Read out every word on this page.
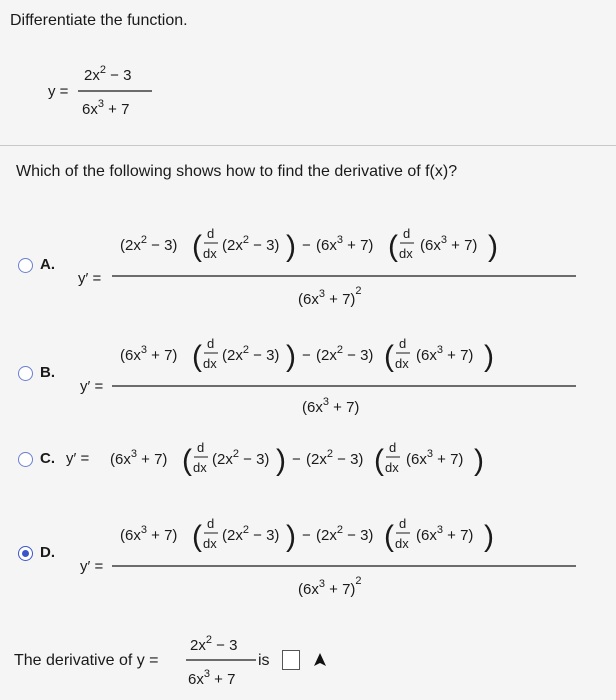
Differentiate the function.
y =
$2x^2 - 3$
$6x^3 + 7$
Which of the following shows how to find the derivative of f(x)?
A.
y′ =
$(2x^2 - 3)$ ( d
dx $(2x^2 - 3)$ ) − $(6x^3 + 7)$ ( d
dx $(6x^3 + 7)$ )
$(6x^3 + 7)^2$
B.
y′ =
$(6x^3 + 7)$ ( d
dx $(2x^2 - 3)$ ) − $(2x^2 - 3)$ ( d
dx $(6x^3 + 7)$ )
$(6x^3 + 7)$
C. $y' = (6x^3 + 7)$ ( d
dx $(2x^2 - 3)$ ) − $(2x^2 - 3)$ ( d
dx $(6x^3 + 7)$ )
D.
y′ =
$(6x^3 + 7)$ ( d
dx $(2x^2 - 3)$ ) − $(2x^2 - 3)$ ( d
dx $(6x^3 + 7)$ )
$(6x^3 + 7)^2$
The derivative of y =
$2x^2 - 3$
$6x^3 + 7$
is
